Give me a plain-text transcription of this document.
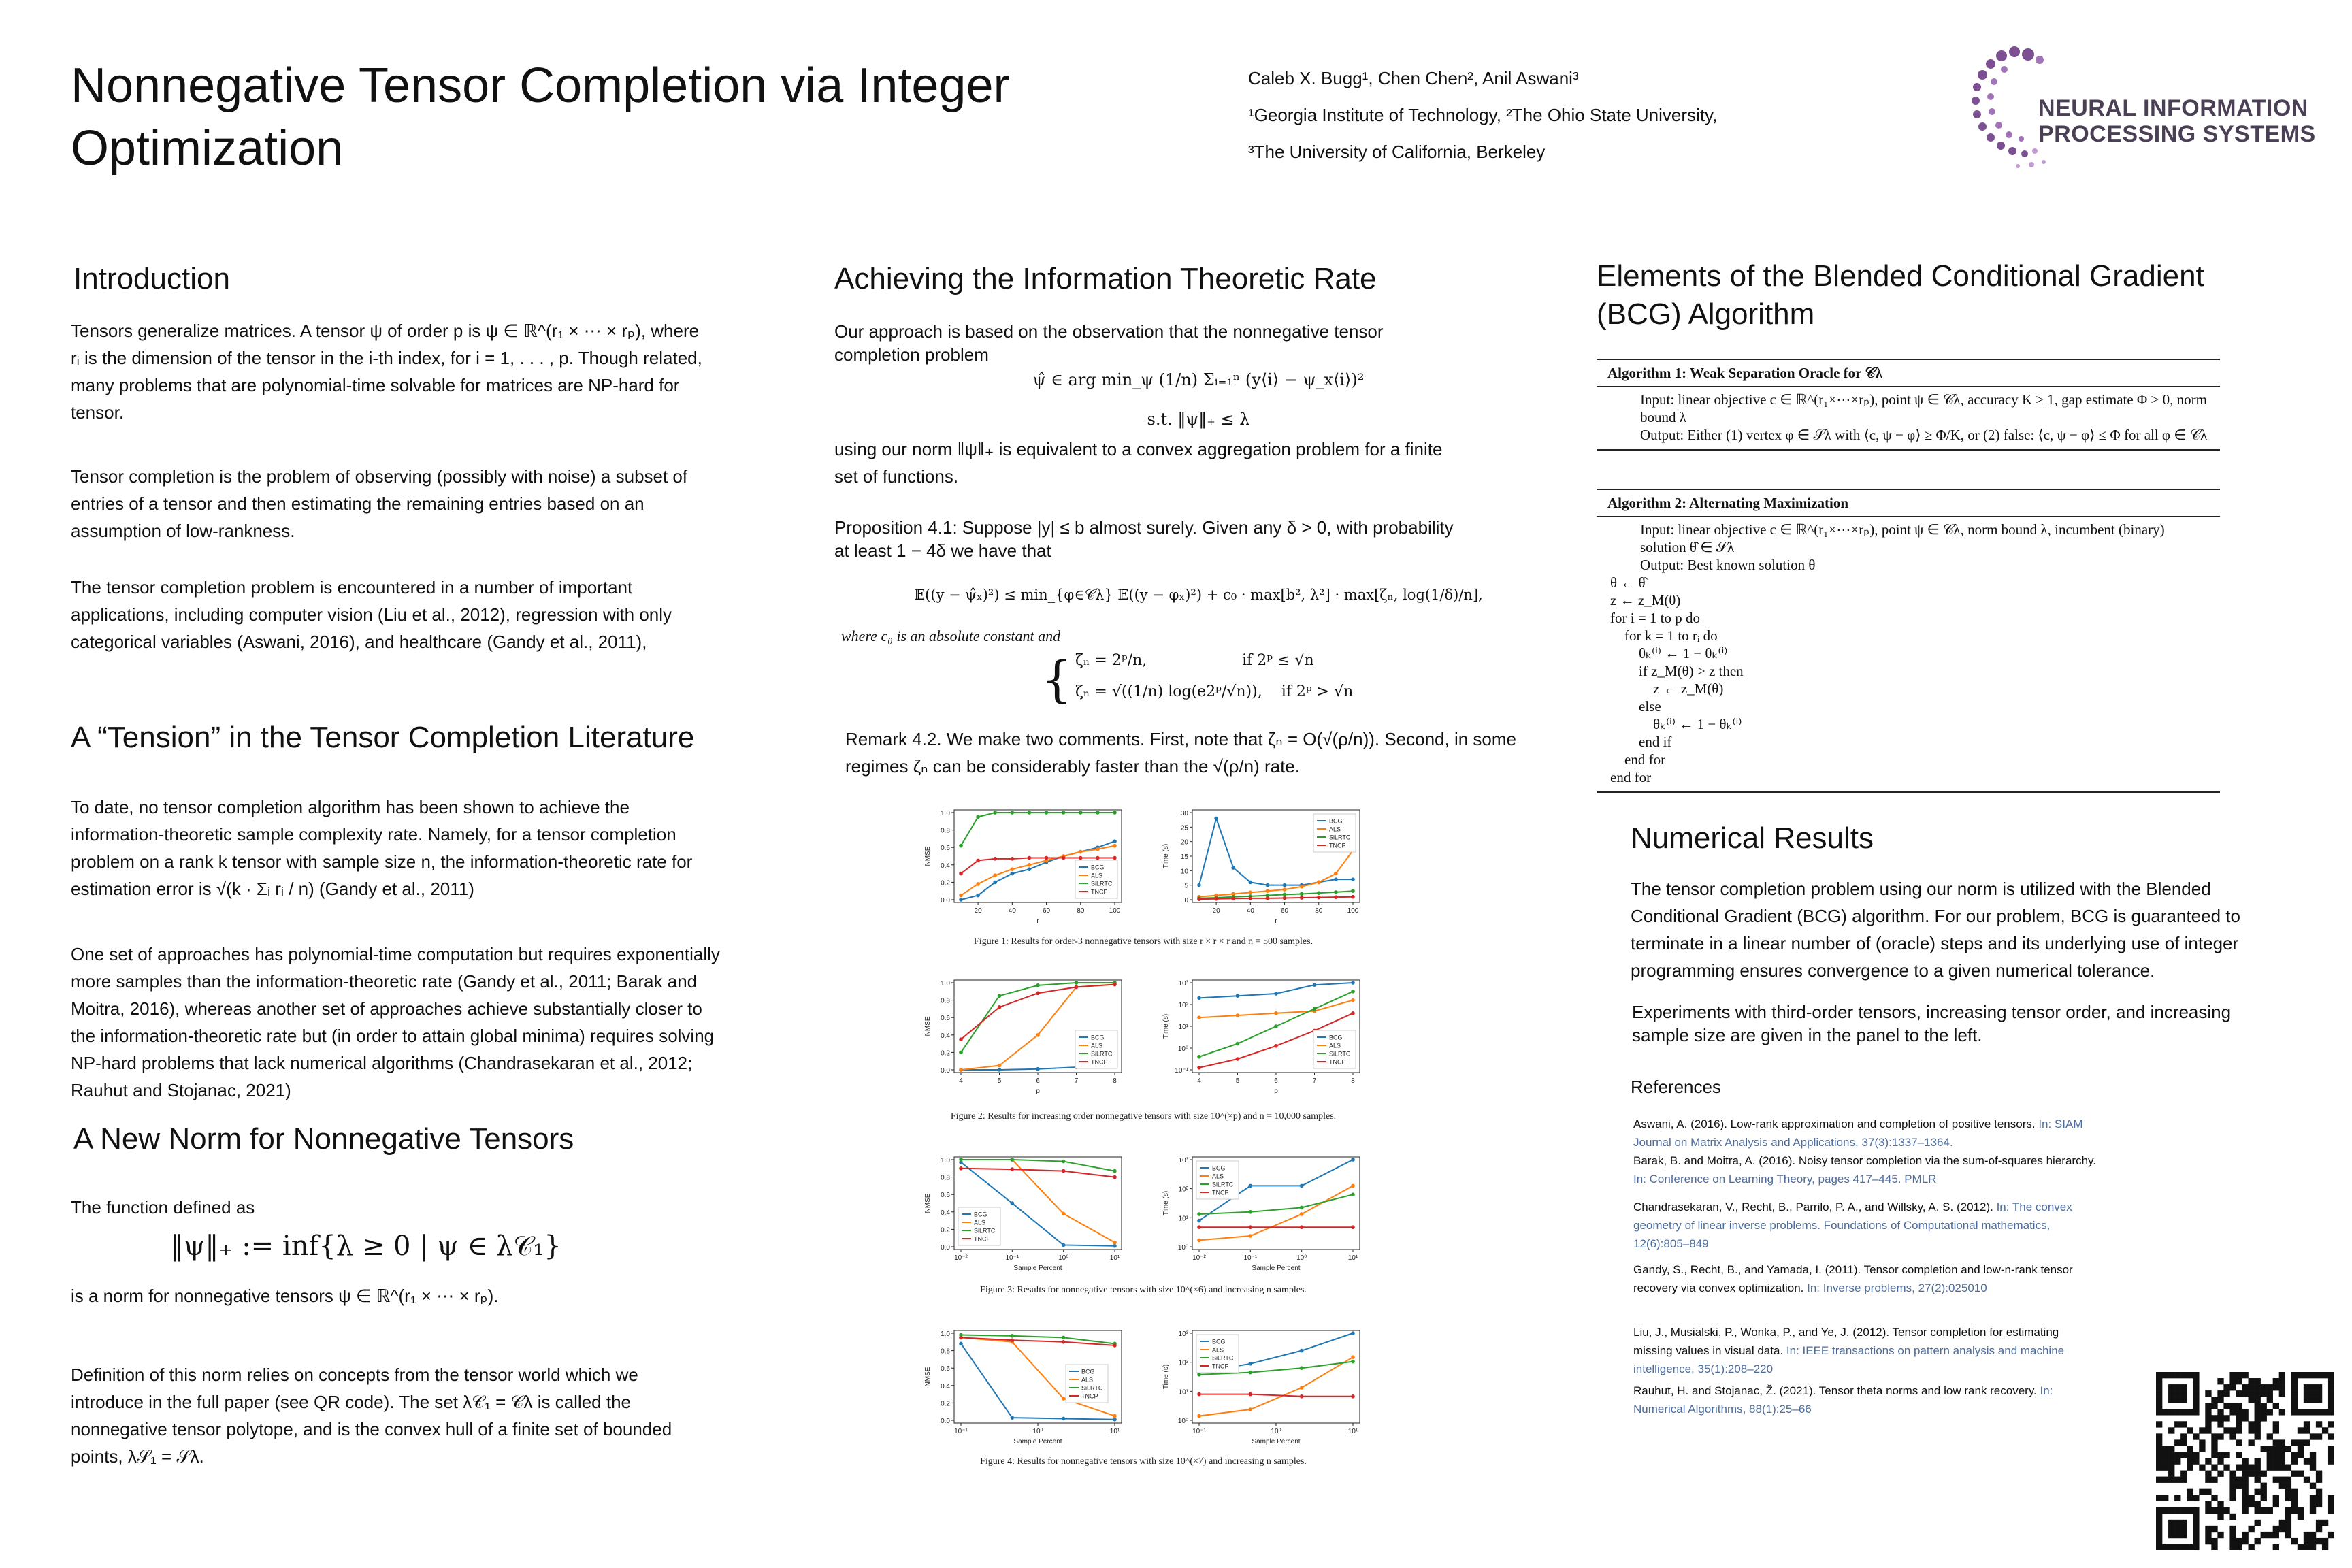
Nonnegative Tensor Completion via Integer Optimization
Caleb X. Bugg¹, Chen Chen², Anil Aswani³
¹Georgia Institute of Technology, ²The Ohio State University,
³The University of California, Berkeley
NEURAL INFORMATION
PROCESSING SYSTEMS
Introduction

Tensors generalize matrices. A tensor ψ of order p is ψ ∈ ℝ^(r₁ × ⋯ × rₚ), where rᵢ is the dimension of the tensor in the i-th index, for i = 1, . . . , p. Though related, many problems that are polynomial-time solvable for matrices are NP-hard for tensor.

Tensor completion is the problem of observing (possibly with noise) a subset of entries of a tensor and then estimating the remaining entries based on an assumption of low-rankness.

The tensor completion problem is encountered in a number of important applications, including computer vision (Liu et al., 2012), regression with only categorical variables (Aswani, 2016), and healthcare (Gandy et al., 2011),

A “Tension” in the Tensor Completion Literature

To date, no tensor completion algorithm has been shown to achieve the information-theoretic sample complexity rate. Namely, for a tensor completion problem on a rank k tensor with sample size n, the information-theoretic rate for estimation error is √(k · Σᵢ rᵢ / n) (Gandy et al., 2011)

One set of approaches has polynomial-time computation but requires exponentially more samples than the information-theoretic rate (Gandy et al., 2011; Barak and Moitra, 2016), whereas another set of approaches achieve substantially closer to the information-theoretic rate but (in order to attain global minima) requires solving NP-hard problems that lack numerical algorithms (Chandrasekaran et al., 2012; Rauhut and Stojanac, 2021)

A New Norm for Nonnegative Tensors

The function defined as

‖ψ‖₊ := inf{λ ≥ 0 | ψ ∈ λ𝒞₁}

is a norm for nonnegative tensors ψ ∈ ℝ^(r₁ × ⋯ × rₚ).

Definition of this norm relies on concepts from the tensor world which we introduce in the full paper (see QR code). The set λ𝒞₁ = 𝒞λ is called the nonnegative tensor polytope, and is the convex hull of a finite set of bounded points, λ𝒮₁ = 𝒮λ.

Achieving the Information Theoretic Rate

Our approach is based on the observation that the nonnegative tensor completion problem

ψ̂ ∈ arg min_ψ (1/n) Σᵢ₌₁ⁿ (y⟨i⟩ − ψ_x⟨i⟩)²
s.t. ‖ψ‖₊ ≤ λ

using our norm ‖ψ‖₊ is equivalent to a convex aggregation problem for a finite set of functions.

Proposition 4.1: Suppose |y| ≤ b almost surely. Given any δ > 0, with probability at least 1 − 4δ we have that

𝔼((y − ψ̂ₓ)²) ≤ min_{φ∈𝒞λ} 𝔼((y − φₓ)²) + c₀ · max[b², λ²] · max[ζₙ, log(1/δ)/n],
where c₀ is an absolute constant and
{ ζₙ = 2ᵖ/n,                    if 2ᵖ ≤ √n
ζₙ = √((1/n) log(e2ᵖ/√n)),    if 2ᵖ > √n

Remark 4.2. We make two comments. First, note that ζₙ = O(√(ρ/n)). Second, in some regimes ζₙ can be considerably faster than the √(ρ/n) rate.

0.0
0.2
0.4
0.6
0.8
1.0
20	40	60	80	100
r
NMSE
BCG
ALS
SiLRTC
TNCP
0
5
10
15
20
25
30
20	40	60	80	100
r
Time (s)
BCG
ALS
SiLRTC
TNCP
Figure 1: Results for order-3 nonnegative tensors with size r × r × r and n = 500 samples.
0.0
0.2
0.4
0.6
0.8
1.0
4	5	6	7	8
p
NMSE
BCG
ALS
SiLRTC
TNCP
10⁻¹
10⁰
10¹
10²
10³
4	5	6	7	8
p
Time (s)	BCG
ALS
SiLRTC
TNCP
Figure 2: Results for increasing order nonnegative tensors with size 10^(×p) and n = 10,000 samples.
0.0
0.2
0.4
0.6
0.8
1.0
10⁻²	10⁻¹	10⁰	10¹
Sample Percent
NMSE
BCG
ALS
SiLRTC
TNCP
10⁰
10¹
10²
10³
10⁻²	10⁻¹	10⁰	10¹
Sample Percent
Time (s)
BCG
ALS
SiLRTC
TNCP
Figure 3: Results for nonnegative tensors with size 10^(×6) and increasing n samples.
0.0
0.2
0.4
0.6
0.8
1.0
10⁻¹	10⁰	10¹
Sample Percent
NMSE	BCG
ALS
SiLRTC
TNCP
10⁰
10¹
10²
10³
10⁻¹	10⁰	10¹
Sample Percent
Time (s)
BCG
ALS
SiLRTC
TNCP
Figure 4: Results for nonnegative tensors with size 10^(×7) and increasing n samples.
Elements of the Blended Conditional Gradient (BCG) Algorithm
Algorithm 1: Weak Separation Oracle for 𝒞λ
Input: linear objective c ∈ ℝ^(r₁×⋯×rₚ), point ψ ∈ 𝒞λ, accuracy K ≥ 1, gap estimate Φ > 0, norm bound λ
Output: Either (1) vertex φ ∈ 𝒮λ with ⟨c, ψ − φ⟩ ≥ Φ/K, or (2) false: ⟨c, ψ − φ⟩ ≤ Φ for all φ ∈ 𝒞λ
Algorithm 2: Alternating Maximization
Input: linear objective c ∈ ℝ^(r₁×⋯×rₚ), point ψ ∈ 𝒞λ, norm bound λ, incumbent (binary) solution θ̂ ∈ 𝒮λ
Output: Best known solution θ
θ ← θ̂
z ← z_M(θ)
for i = 1 to p do
for k = 1 to rᵢ do
θₖ⁽ⁱ⁾ ← 1 − θₖ⁽ⁱ⁾
if z_M(θ) > z then
z ← z_M(θ)
else
θₖ⁽ⁱ⁾ ← 1 − θₖ⁽ⁱ⁾
end if
end for
end for
Numerical Results

The tensor completion problem using our norm is utilized with the Blended Conditional Gradient (BCG) algorithm. For our problem, BCG is guaranteed to terminate in a linear number of (oracle) steps and its underlying use of integer programming ensures convergence to a given numerical tolerance.

Experiments with third-order tensors, increasing tensor order, and increasing sample size are given in the panel to the left.

References
Aswani, A. (2016). Low-rank approximation and completion of positive tensors. In: SIAM Journal on Matrix Analysis and Applications, 37(3):1337–1364.
Barak, B. and Moitra, A. (2016). Noisy tensor completion via the sum-of-squares hierarchy. In: Conference on Learning Theory, pages 417–445. PMLR
Chandrasekaran, V., Recht, B., Parrilo, P. A., and Willsky, A. S. (2012). In: The convex geometry of linear inverse problems. Foundations of Computational mathematics, 12(6):805–849
Gandy, S., Recht, B., and Yamada, I. (2011). Tensor completion and low-n-rank tensor recovery via convex optimization. In: Inverse problems, 27(2):025010
Liu, J., Musialski, P., Wonka, P., and Ye, J. (2012). Tensor completion for estimating missing values in visual data. In: IEEE transactions on pattern analysis and machine intelligence, 35(1):208–220
Rauhut, H. and Stojanac, Ž. (2021). Tensor theta norms and low rank recovery. In: Numerical Algorithms, 88(1):25–66
